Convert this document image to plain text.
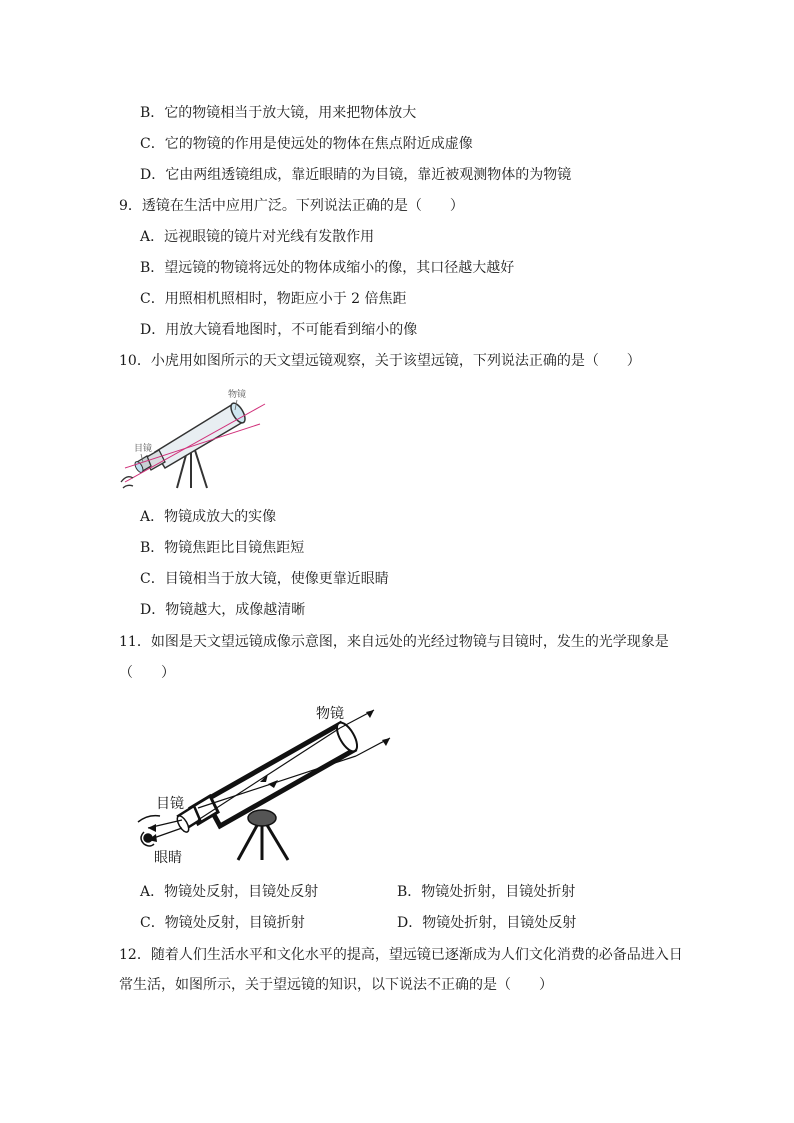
B．它的物镜相当于放大镜，用来把物体放大
C．它的物镜的作用是使远处的物体在焦点附近成虚像
D．它由两组透镜组成，靠近眼睛的为目镜，靠近被观测物体的为物镜
9．透镜在生活中应用广泛。下列说法正确的是（　　）
A．远视眼镜的镜片对光线有发散作用
B．望远镜的物镜将远处的物体成缩小的像，其口径越大越好
C．用照相机照相时，物距应小于 2 倍焦距
D．用放大镜看地图时，不可能看到缩小的像
10．小虎用如图所示的天文望远镜观察，关于该望远镜，下列说法正确的是（　　）
物镜
目镜
A．物镜成放大的实像
B．物镜焦距比目镜焦距短
C．目镜相当于放大镜，使像更靠近眼睛
D．物镜越大，成像越清晰
11．如图是天文望远镜成像示意图，来自远处的光经过物镜与目镜时，发生的光学现象是
（　　）
物镜
目镜
眼睛
A．物镜处反射，目镜处反射	B．物镜处折射，目镜处折射
C．物镜处反射，目镜折射	D．物镜处折射，目镜处反射
12．随着人们生活水平和文化水平的提高，望远镜已逐渐成为人们文化消费的必备品进入日
常生活，如图所示，关于望远镜的知识，以下说法不正确的是（　　）
